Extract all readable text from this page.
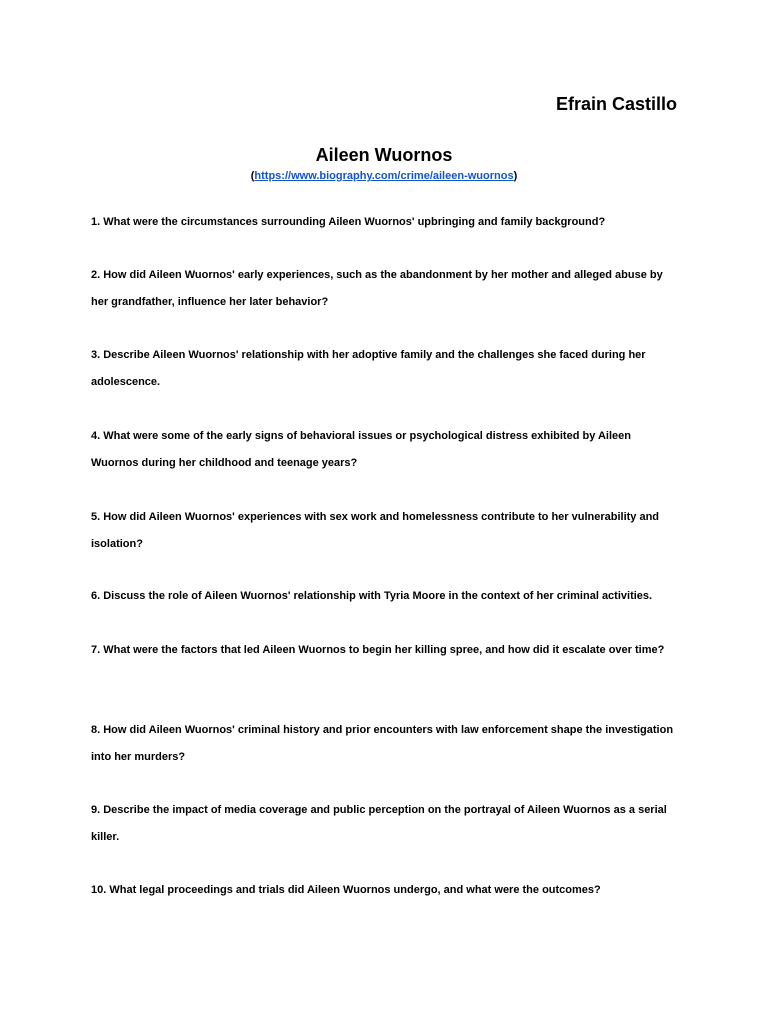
Efrain Castillo
Aileen Wuornos
(https://www.biography.com/crime/aileen-wuornos)

1. What were the circumstances surrounding Aileen Wuornos' upbringing and family background?

2. How did Aileen Wuornos' early experiences, such as the abandonment by her mother and alleged abuse by her grandfather, influence her later behavior?

3. Describe Aileen Wuornos' relationship with her adoptive family and the challenges she faced during her adolescence.

4. What were some of the early signs of behavioral issues or psychological distress exhibited by Aileen Wuornos during her childhood and teenage years?

5. How did Aileen Wuornos' experiences with sex work and homelessness contribute to her vulnerability and isolation?

6. Discuss the role of Aileen Wuornos' relationship with Tyria Moore in the context of her criminal activities.

7. What were the factors that led Aileen Wuornos to begin her killing spree, and how did it escalate over time?

8. How did Aileen Wuornos' criminal history and prior encounters with law enforcement shape the investigation into her murders?

9. Describe the impact of media coverage and public perception on the portrayal of Aileen Wuornos as a serial killer.

10. What legal proceedings and trials did Aileen Wuornos undergo, and what were the outcomes?
